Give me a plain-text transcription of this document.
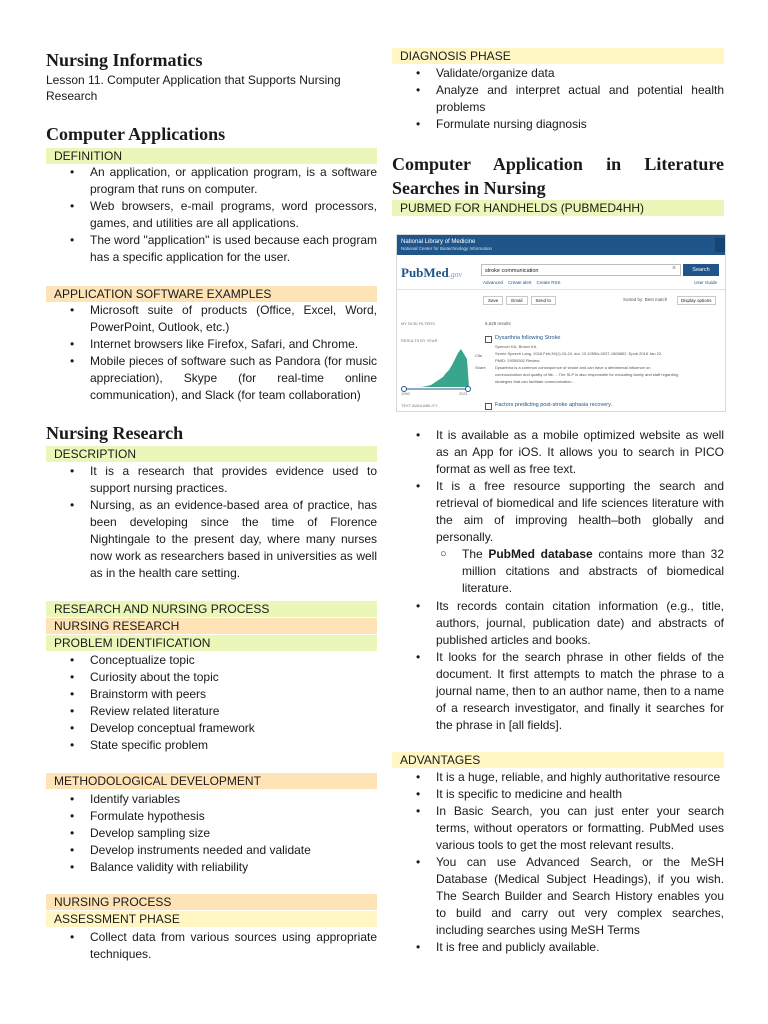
Nursing Informatics

Lesson 11. Computer Application that Supports Nursing Research

Computer Applications
DEFINITION
• An application, or application program, is a software program that runs on computer.
• Web browsers, e-mail programs, word processors, games, and utilities are all applications.
• The word "application" is used because each program has a specific application for the user.
APPLICATION SOFTWARE EXAMPLES
• Microsoft suite of products (Office, Excel, Word, PowerPoint, Outlook, etc.)
• Internet browsers like Firefox, Safari, and Chrome.
• Mobile pieces of software such as Pandora (for music appreciation), Skype (for real-time online communication), and Slack (for team collaboration)
Nursing Research
DESCRIPTION
• It is a research that provides evidence used to support nursing practices.
• Nursing, as an evidence-based area of practice, has been developing since the time of Florence Nightingale to the present day, where many nurses now work as researchers based in universities as well as in the health care setting.
RESEARCH AND NURSING PROCESS
NURSING RESEARCH
PROBLEM IDENTIFICATION
• Conceptualize topic
• Curiosity about the topic
• Brainstorm with peers
• Review related literature
• Develop conceptual framework
• State specific problem
METHODOLOGICAL DEVELOPMENT
• Identify variables
• Formulate hypothesis
• Develop sampling size
• Develop instruments needed and validate
• Balance validity with reliability
NURSING PROCESS
ASSESSMENT PHASE
• Collect data from various sources using appropriate techniques.
DIAGNOSIS PHASE
• Validate/organize data
• Analyze and interpret actual and potential health problems
• Formulate nursing diagnosis
Computer Application in Literature Searches in Nursing
PUBMED FOR HANDHELDS (PUBMED4HH)
National Library of Medicine
National Center for Biotechnology Information
PubMed.gov	stroke communication	×	Search
Advanced Create alert Create RSS	User Guide
Save	Email	Send to	Sorted by: Best match	Display options
MY NCBI FILTERS
RESULTS BY YEAR
1960	2021
TEXT AVAILABILITY
6,628 results
Cite
Share
Dysarthria following Stroke
Spencer KA, Brown KA.
Semin Speech Lang. 2018 Feb;39(1):15-24. doi: 10.1055/s-0037-1608852. Epub 2018 Jan 22.
PMID: 29359302 Review.
Dysarthria is a common consequence of stroke and can have a detrimental influence on
communication and quality of life. ...The SLP is also responsible for educating family and staff regarding
strategies that can facilitate communication...
Factors predicting post-stroke aphasia recovery.
• It is available as a mobile optimized website as well as an App for iOS. It allows you to search in PICO format as well as free text.
• It is a free resource supporting the search and retrieval of biomedical and life sciences literature with the aim of improving health–both globally and personally.
○ The PubMed database contains more than 32 million citations and abstracts of biomedical literature.
• Its records contain citation information (e.g., title, authors, journal, publication date) and abstracts of published articles and books.
• It looks for the search phrase in other fields of the document. It first attempts to match the phrase to a journal name, then to an author name, then to a name of a research investigator, and finally it searches for the phrase in [all fields].
ADVANTAGES
• It is a huge, reliable, and highly authoritative resource
• It is specific to medicine and health
• In Basic Search, you can just enter your search terms, without operators or formatting. PubMed uses various tools to get the most relevant results.
• You can use Advanced Search, or the MeSH Database (Medical Subject Headings), if you wish. The Search Builder and Search History enables you to build and carry out very complex searches, including searches using MeSH Terms
• It is free and publicly available.
